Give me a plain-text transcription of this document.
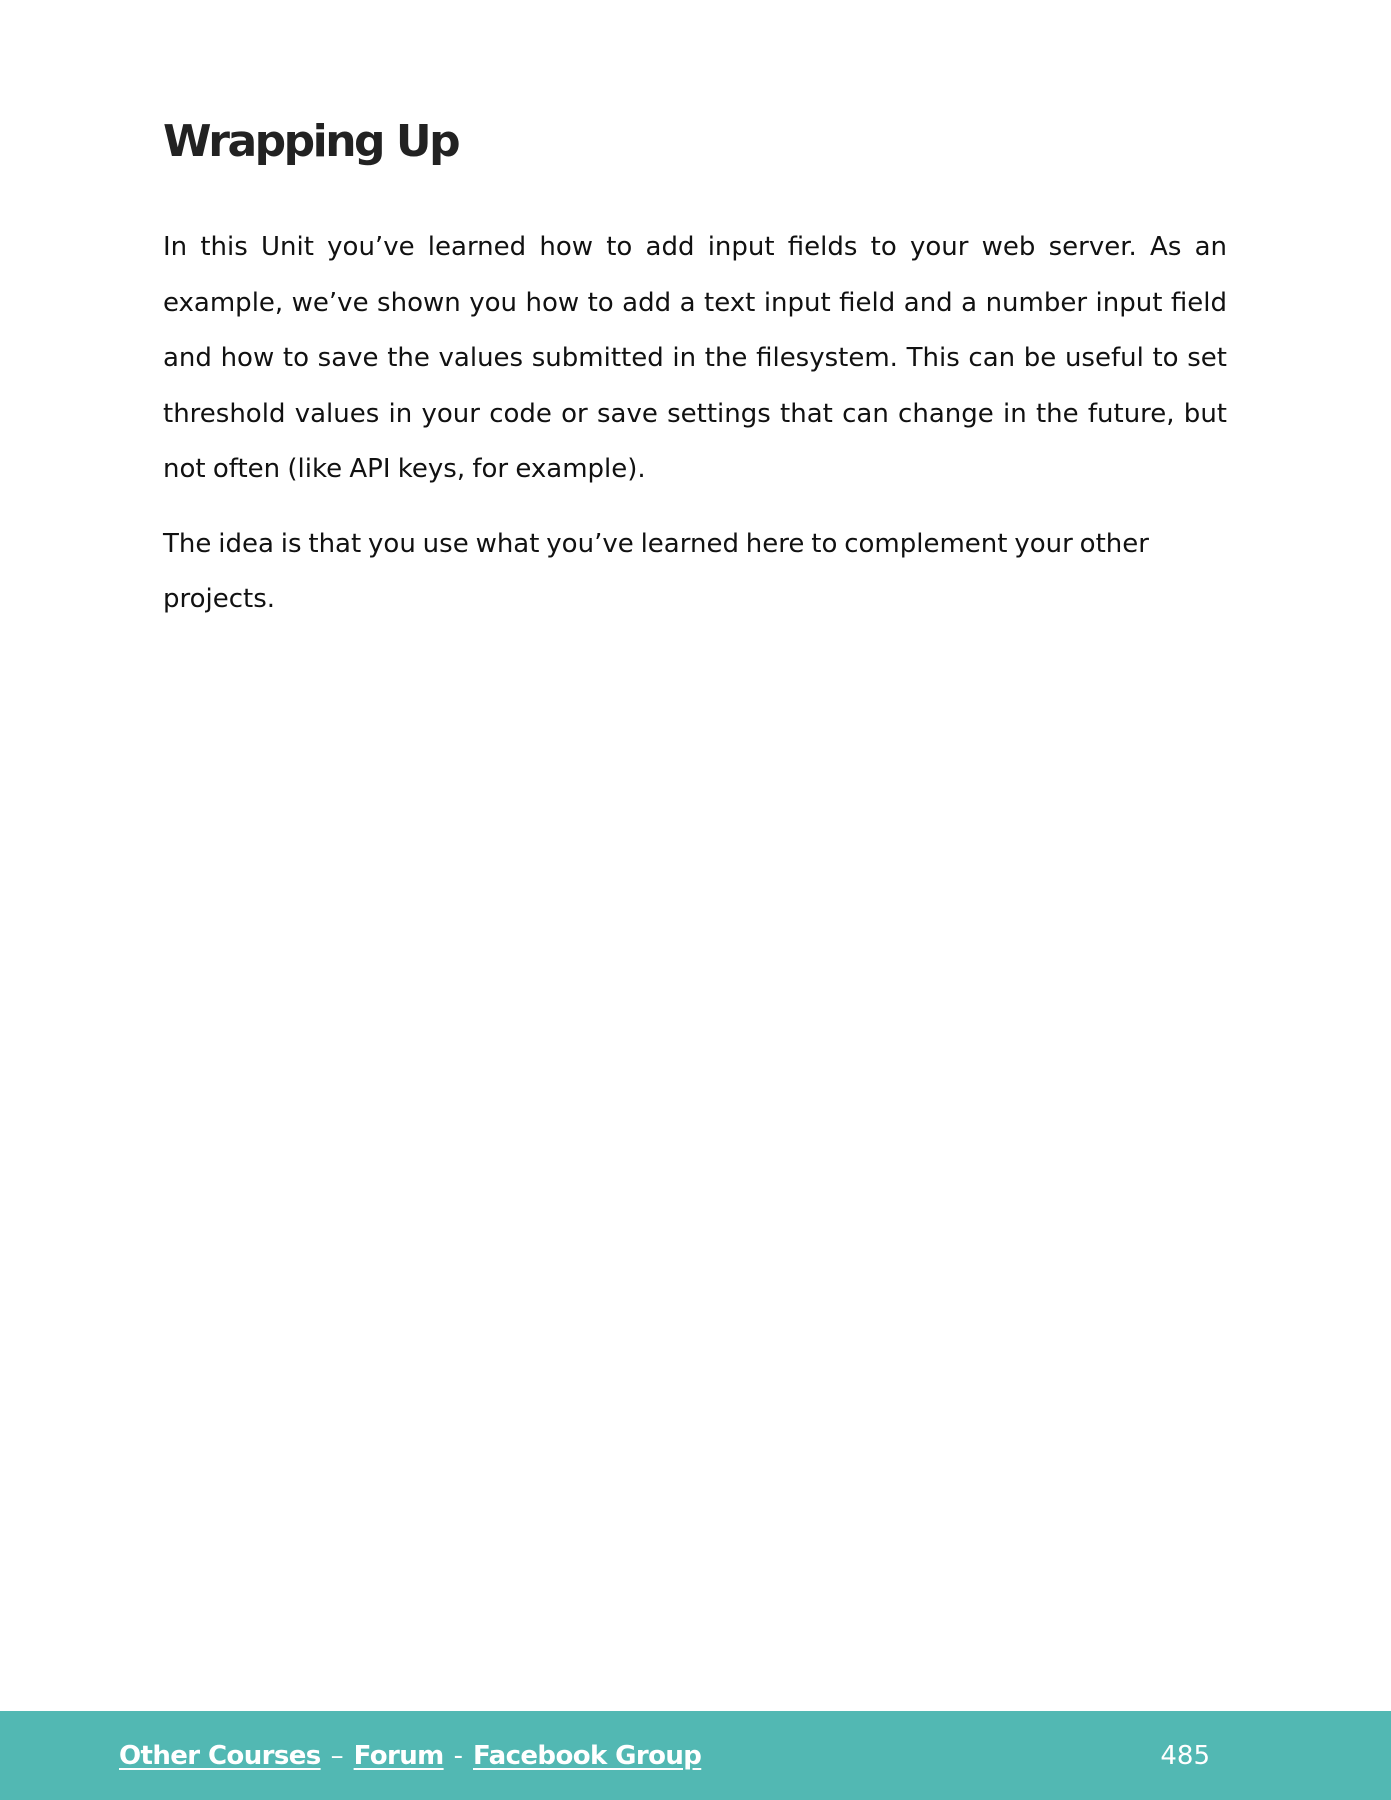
Wrapping Up

In this Unit you’ve learned how to add input fields to your web server. As an example, we’ve shown you how to add a text input field and a number input field and how to save the values submitted in the filesystem. This can be useful to set threshold values in your code or save settings that can change in the future, but not often (like API keys, for example).

The idea is that you use what you’ve learned here to complement your other projects.

Other Courses – Forum - Facebook Group	485
